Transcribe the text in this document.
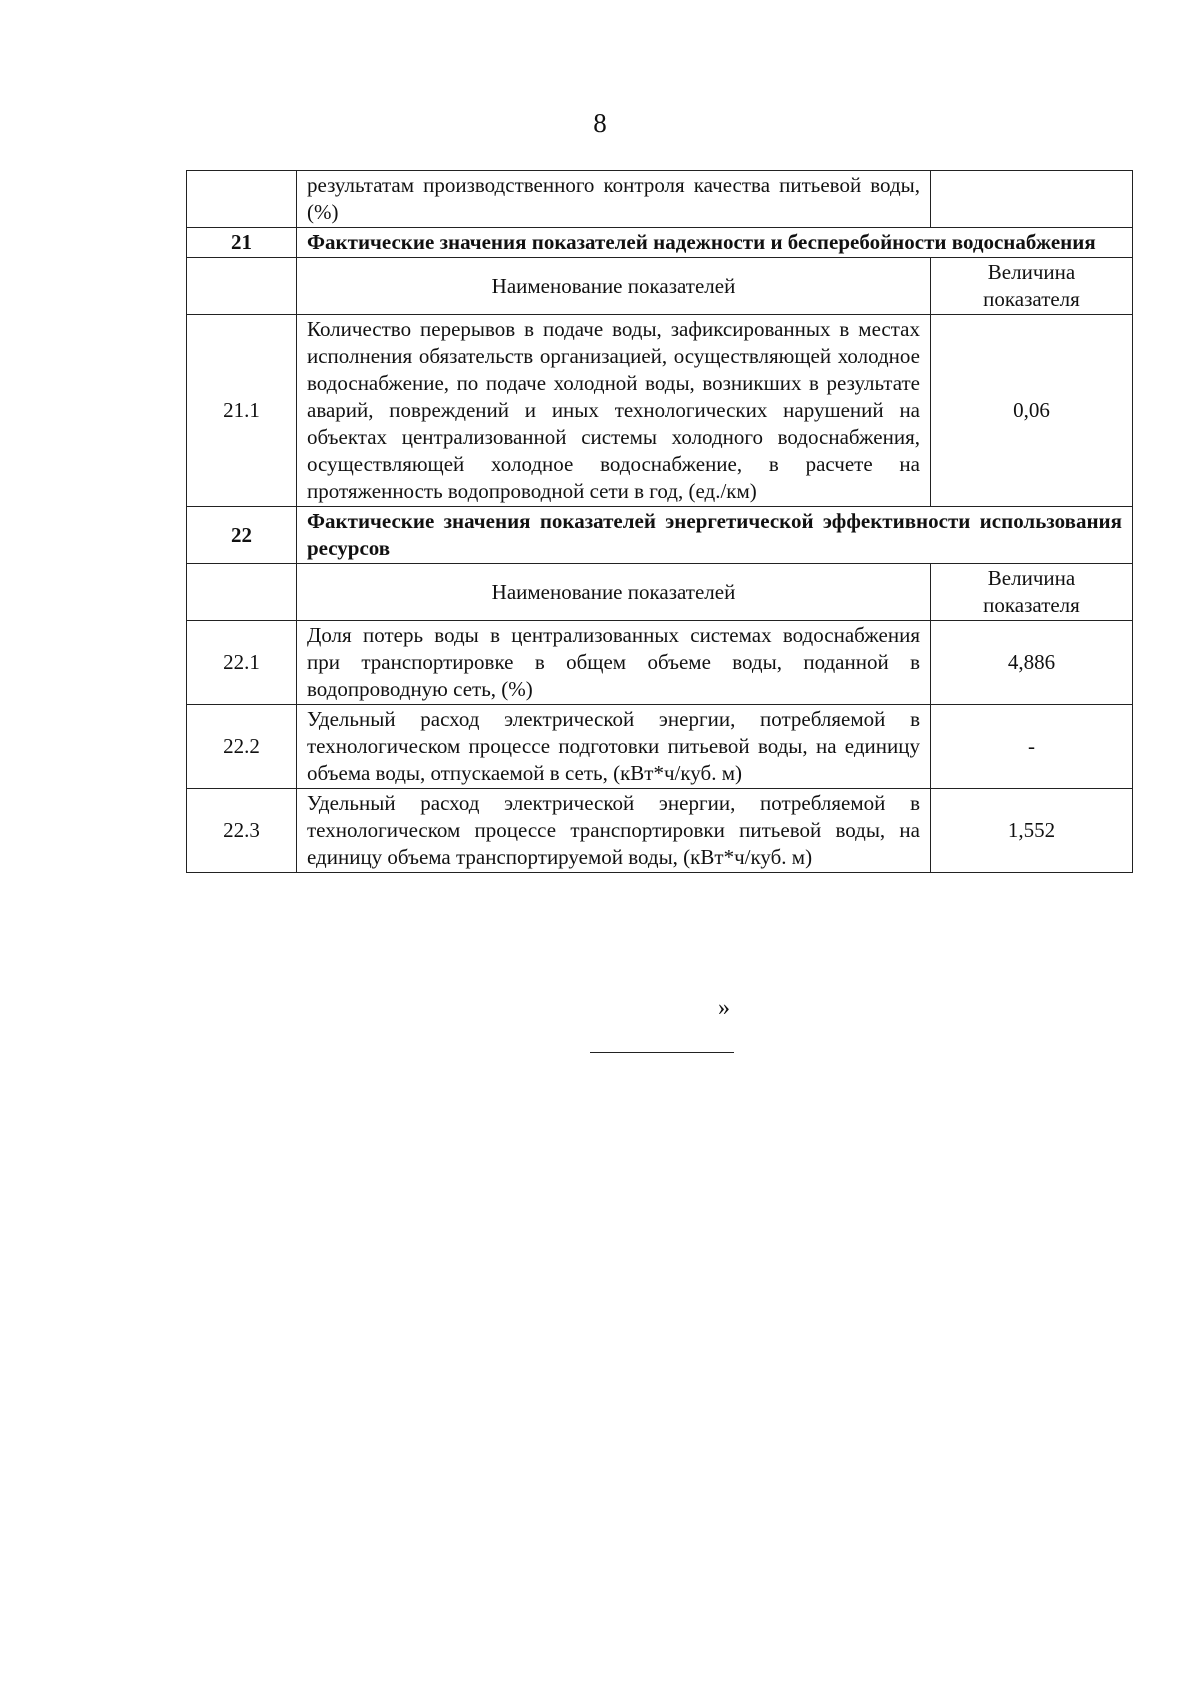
8
	результатам производственного контроля качества питьевой воды, (%)	
21	Фактические значения показателей надежности и бесперебойности водоснабжения	
	Наименование показателей	Величина показателя
21.1	Количество перерывов в подаче воды, зафиксированных в местах исполнения обязательств организацией, осуществляющей холодное водоснабжение, по подаче холодной воды, возникших в результате аварий, повреждений и иных технологических нарушений на объектах централизованной системы холодного водоснабжения, осуществляющей холодное водоснабжение, в расчете на протяженность водопроводной сети в год, (ед./км)	0,06
22	Фактические значения показателей энергетической эффективности использования ресурсов	
	Наименование показателей	Величина показателя
22.1	Доля потерь воды в централизованных системах водоснабжения при транспортировке в общем объеме воды, поданной в водопроводную сеть, (%)	4,886
22.2	Удельный расход электрической энергии, потребляемой в технологическом процессе подготовки питьевой воды, на единицу объема воды, отпускаемой в сеть, (кВт*ч/куб. м)	-
22.3	Удельный расход электрической энергии, потребляемой в технологическом процессе транспортировки питьевой воды, на единицу объема транспортируемой воды, (кВт*ч/куб. м)	1,552
»
